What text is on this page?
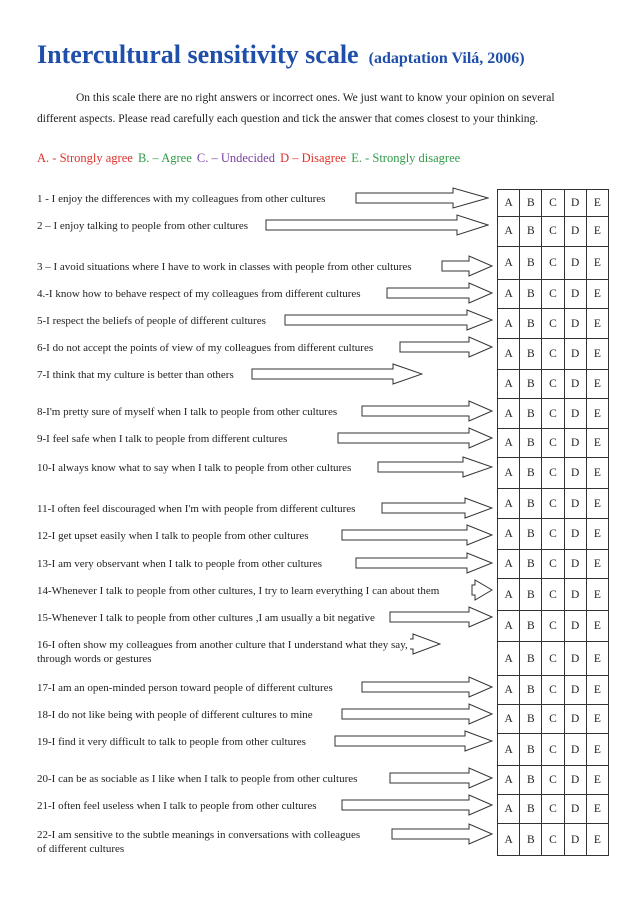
Intercultural sensitivity scale (adaptation Vilá, 2006)
On this scale there are no right answers or incorrect ones. We just want to know your opinion on several
different aspects. Please read carefully each question and tick the answer that comes closest to your thinking.
A. - Strongly agree B. – Agree C. – Undecided D – Disagree E. - Strongly disagree
1 - I enjoy the differences with my colleagues from other cultures
2 – I enjoy talking to people from other cultures
3 – I avoid situations where I have to work in classes with people from other cultures
4.-I know how to behave respect of my colleagues from different cultures
5-I respect the beliefs of people of different cultures
6-I do not accept the points of view of my colleagues from different cultures
7-I think that my culture is better than others
8-I'm pretty sure of myself when I talk to people from other cultures
9-I feel safe when I talk to people from different cultures
10-I always know what to say when I talk to people from other cultures
11-I often feel discouraged when I'm with people from different cultures
12-I get upset easily when I talk to people from other cultures
13-I am very observant when I talk to people from other cultures
14-Whenever I talk to people from other cultures, I try to learn everything I can about them
15-Whenever I talk to people from other cultures ,I am usually a bit negative
16-I often show my colleagues from another culture that I understand what they say,
through words or gestures
17-I am an open-minded person toward people of different cultures
18-I do not like being with people of different cultures to mine
19-I find it very difficult to talk to people from other cultures
20-I can be as sociable as I like when I talk to people from other cultures
21-I often feel useless when I talk to people from other cultures
22-I am sensitive to the subtle meanings in conversations with colleagues
of different cultures
A	B	C	D	E
A	B	C	D	E
A	B	C	D	E
A	B	C	D	E
A	B	C	D	E
A	B	C	D	E
A	B	C	D	E
A	B	C	D	E
A	B	C	D	E
A	B	C	D	E
A	B	C	D	E
A	B	C	D	E
A	B	C	D	E
A	B	C	D	E
A	B	C	D	E
A	B	C	D	E
A	B	C	D	E
A	B	C	D	E
A	B	C	D	E
A	B	C	D	E
A	B	C	D	E
A	B	C	D	E
